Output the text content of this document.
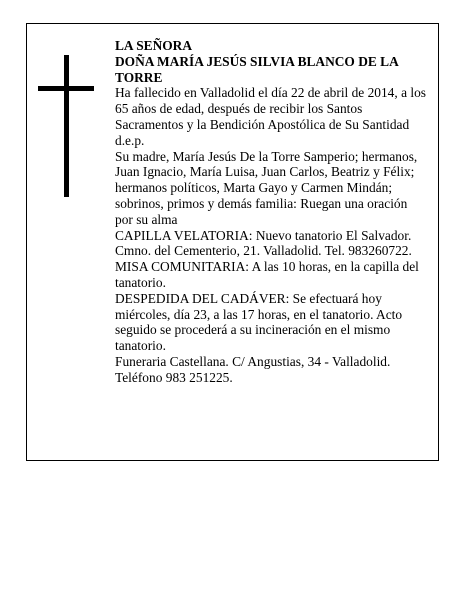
LA SEÑORA

DOÑA MARÍA JESÚS SILVIA BLANCO DE LA TORRE

Ha fallecido en Valladolid el día 22 de abril de 2014, a los 65 años de edad, después de recibir los Santos Sacramentos y la Bendición Apostólica de Su Santidad d.e.p.

Su madre, María Jesús De la Torre Samperio; hermanos, Juan Ignacio, María Luisa, Juan Carlos, Beatriz y Félix; hermanos políticos, Marta Gayo y Carmen Mindán; sobrinos, primos y demás familia: Ruegan una oración por su alma

CAPILLA VELATORIA: Nuevo tanatorio El Salvador. Cmno. del Cementerio, 21. Valladolid. Tel. 983260722.

MISA COMUNITARIA: A las 10 horas, en la capilla del tanatorio.

DESPEDIDA DEL CADÁVER: Se efectuará hoy miércoles, día 23, a las 17 horas, en el tanatorio. Acto seguido se procederá a su incineración en el mismo tanatorio.

Funeraria Castellana. C/ Angustias, 34 - Valladolid. Teléfono 983 251225.
